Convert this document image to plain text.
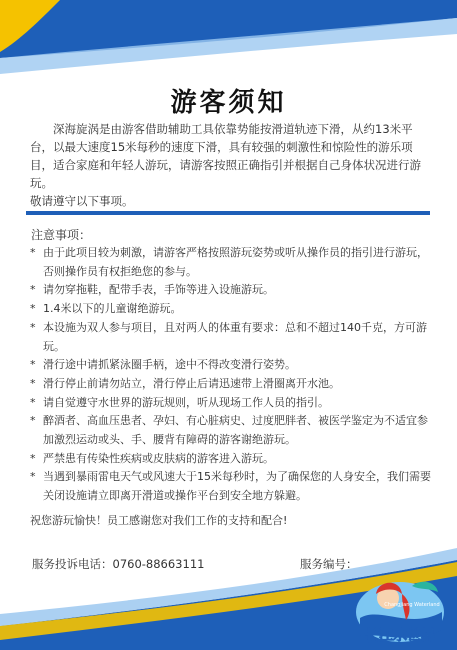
游客须知

深海旋涡是由游客借助辅助工具依靠势能按滑道轨迹下滑，从约13米平台，以最大速度15米每秒的速度下滑，具有较强的刺激性和惊险性的游乐项目，适合家庭和年轻人游玩，请游客按照正确指引并根据自己身体状况进行游玩。

敬请遵守以下事项。

注意事项：
* 由于此项目较为刺激，请游客严格按照游玩姿势或听从操作员的指引进行游玩，否则操作员有权拒绝您的参与。
* 请勿穿拖鞋，配带手表，手饰等进入设施游玩。
* 1.4米以下的儿童谢绝游玩。
* 本设施为双人参与项目，且对两人的体重有要求：总和不超过140千克，方可游玩。
* 滑行途中请抓紧泳圈手柄，途中不得改变滑行姿势。
* 滑行停止前请勿站立，滑行停止后请迅速带上滑圈离开水池。
* 请自觉遵守水世界的游玩规则，听从现场工作人员的指引。
* 醉酒者、高血压患者、孕妇、有心脏病史、过度肥胖者、被医学鉴定为不适宜参加激烈运动或头、手、腰背有障碍的游客谢绝游玩。
* 严禁患有传染性疾病或皮肤病的游客进入游玩。
* 当遇到暴雨雷电天气或风速大于15米每秒时，为了确保您的人身安全，我们需要关闭设施请立即离开滑道或操作平台到安全地方躲避。
祝您游玩愉快！员工感谢您对我们工作的支持和配合!
服务投诉电话：0760-88663111	服务编号：
长江水世界
Changjiang Waterland
